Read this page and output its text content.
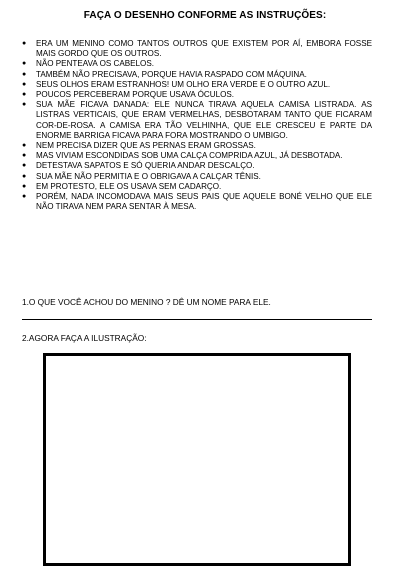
FAÇA O DESENHO CONFORME AS INSTRUÇÕES:
● ERA UM MENINO COMO TANTOS OUTROS QUE EXISTEM POR AÍ, EMBORA FOSSE MAIS GORDO QUE OS OUTROS.
● NÃO PENTEAVA OS CABELOS.
● TAMBÉM NÃO PRECISAVA, PORQUE HAVIA RASPADO COM MÁQUINA.
● SEUS OLHOS ERAM ESTRANHOS! UM OLHO ERA VERDE E O OUTRO AZUL.
● POUCOS PERCEBERAM PORQUE USAVA ÓCULOS.
● SUA MÃE FICAVA DANADA: ELE NUNCA TIRAVA AQUELA CAMISA LISTRADA. AS LISTRAS VERTICAIS, QUE ERAM VERMELHAS, DESBOTARAM TANTO QUE FICARAM COR-DE-ROSA. A CAMISA ERA TÃO VELHINHA, QUE ELE CRESCEU E PARTE DA ENORME BARRIGA FICAVA PARA FORA MOSTRANDO O UMBIGO.
● NEM PRECISA DIZER QUE AS PERNAS ERAM GROSSAS.
● MAS VIVIAM ESCONDIDAS SOB UMA CALÇA COMPRIDA AZUL, JÁ DESBOTADA.
● DETESTAVA SAPATOS E SÓ QUERIA ANDAR DESCALÇO.
● SUA MÃE NÃO PERMITIA E O OBRIGAVA A CALÇAR TÊNIS.
● EM PROTESTO, ELE OS USAVA SEM CADARÇO.
● PORÉM, NADA INCOMODAVA MAIS SEUS PAIS QUE AQUELE BONÉ VELHO QUE ELE NÃO TIRAVA NEM PARA SENTAR À MESA.
1.O QUE VOCÊ ACHOU DO MENINO ? DÊ UM NOME PARA ELE.
2.AGORA FAÇA A ILUSTRAÇÃO:
